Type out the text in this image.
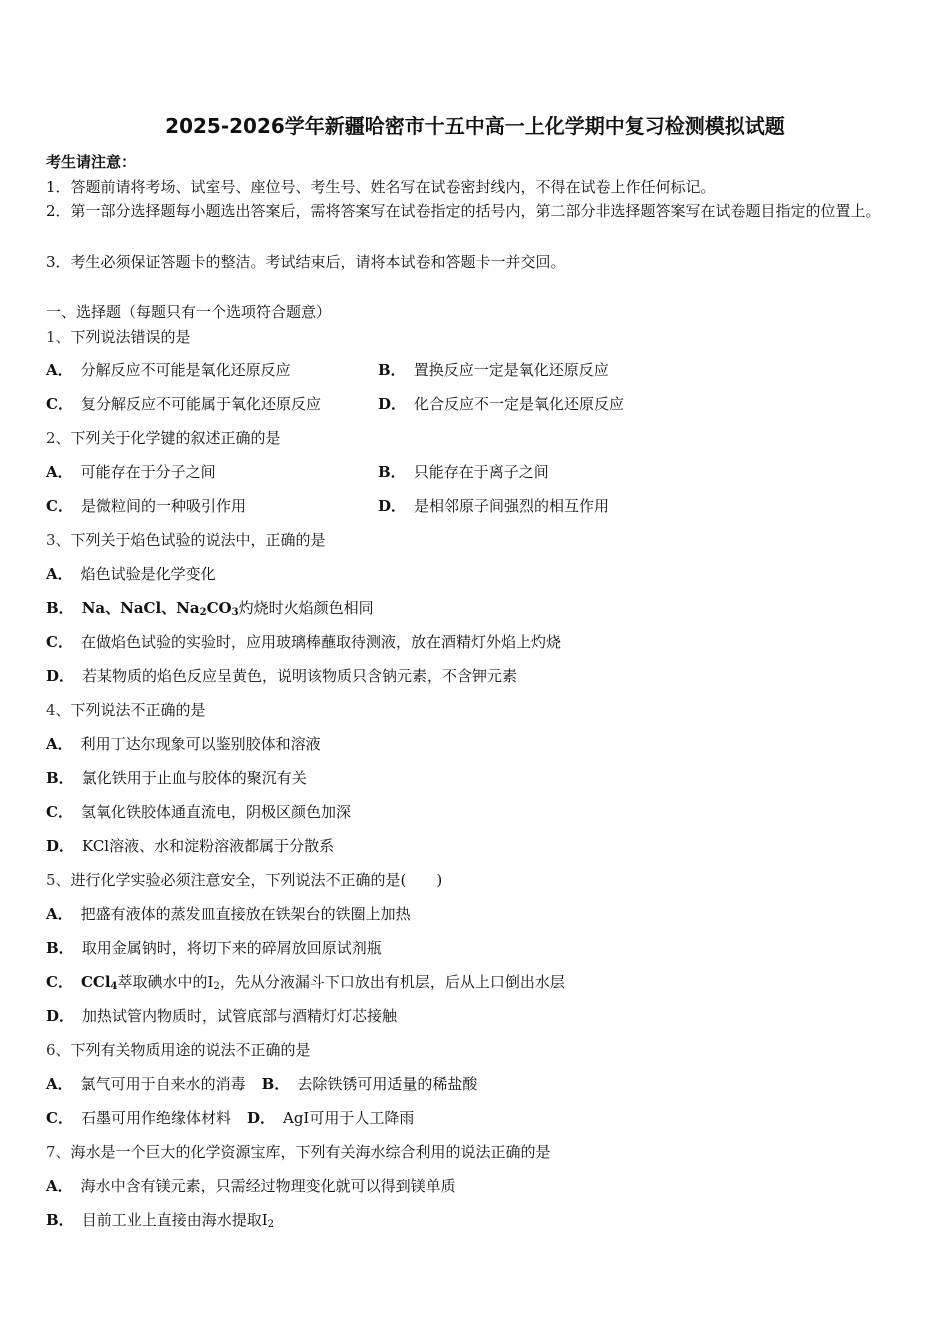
2025-2026学年新疆哈密市十五中高一上化学期中复习检测模拟试题
考生请注意：
1．答题前请将考场、试室号、座位号、考生号、姓名写在试卷密封线内，不得在试卷上作任何标记。
2．第一部分选择题每小题选出答案后，需将答案写在试卷指定的括号内，第二部分非选择题答案写在试卷题目指定的位置上。
3．考生必须保证答题卡的整洁。考试结束后，请将本试卷和答题卡一并交回。
一、选择题（每题只有一个选项符合题意）
1、下列说法错误的是
A． 分解反应不可能是氧化还原反应	B． 置换反应一定是氧化还原反应
C． 复分解反应不可能属于氧化还原反应	D． 化合反应不一定是氧化还原反应
2、下列关于化学键的叙述正确的是
A． 可能存在于分子之间	B． 只能存在于离子之间
C． 是微粒间的一种吸引作用	D． 是相邻原子间强烈的相互作用
3、下列关于焰色试验的说法中，正确的是
A． 焰色试验是化学变化
B． Na、NaCl、$Na_2CO_3$灼烧时火焰颜色相同
C． 在做焰色试验的实验时，应用玻璃棒蘸取待测液，放在酒精灯外焰上灼烧
D． 若某物质的焰色反应呈黄色，说明该物质只含钠元素，不含钾元素
4、下列说法不正确的是
A． 利用丁达尔现象可以鉴别胶体和溶液
B． 氯化铁用于止血与胶体的聚沉有关
C． 氢氧化铁胶体通直流电，阴极区颜色加深
D． KCl溶液、水和淀粉溶液都属于分散系
5、进行化学实验必须注意安全，下列说法不正确的是(　　)
A． 把盛有液体的蒸发皿直接放在铁架台的铁圈上加热
B． 取用金属钠时，将切下来的碎屑放回原试剂瓶
C． CCl$_4$萃取碘水中的$I_2$，先从分液漏斗下口放出有机层，后从上口倒出水层
D． 加热试管内物质时，试管底部与酒精灯灯芯接触
6、下列有关物质用途的说法不正确的是
A． 氯气可用于自来水的消毒 B． 去除铁锈可用适量的稀盐酸
C． 石墨可用作绝缘体材料 D． AgI可用于人工降雨
7、海水是一个巨大的化学资源宝库，下列有关海水综合利用的说法正确的是
A． 海水中含有镁元素，只需经过物理变化就可以得到镁单质
B． 目前工业上直接由海水提取$I_2$
